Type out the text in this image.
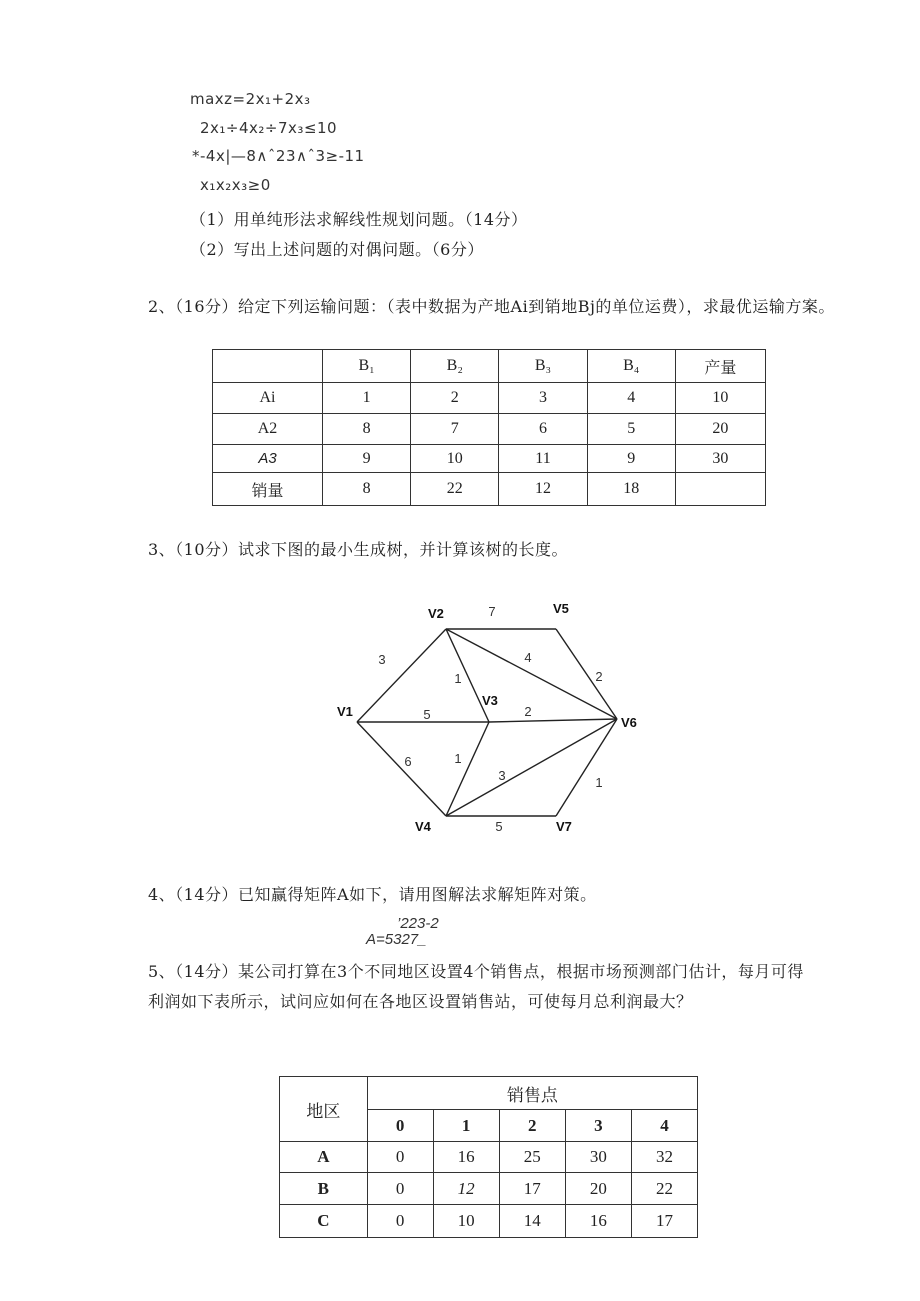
maxz=2x₁+2x₃
2x₁÷4x₂÷7x₃≤10
*-4x|—8∧ˆ23∧ˆ3≥-11
x₁x₂x₃≥0
（1）用单纯形法求解线性规划问题。（14分）
（2）写出上述问题的对偶问题。（6分）
2、（16分）给定下列运输问题：（表中数据为产地Ai到销地Bj的单位运费），求最优运输方案。
	B₁	B₂	B₃	B₄	产量
Ai	1	2	3	4	10
A2	8	7	6	5	20
A3	9	10	11	9	30
销量	8	22	12	18	
3、（10分）试求下图的最小生成树，并计算该树的长度。
3
7
2
4
1
5	2
6	1
3
5
1
V1
V2
V3
V4
V5
V6
V7
4、（14分）已知赢得矩阵A如下，请用图解法求解矩阵对策。
’223-2
A=5327_
5、（14分）某公司打算在3个不同地区设置4个销售点，根据市场预测部门估计，每月可得利润如下表所示，试问应如何在各地区设置销售站，可使每月总利润最大？
地区	销售点				
	0	1	2	3	4
A	0	16	25	30	32
B	0	12	17	20	22
C	0	10	14	16	17
